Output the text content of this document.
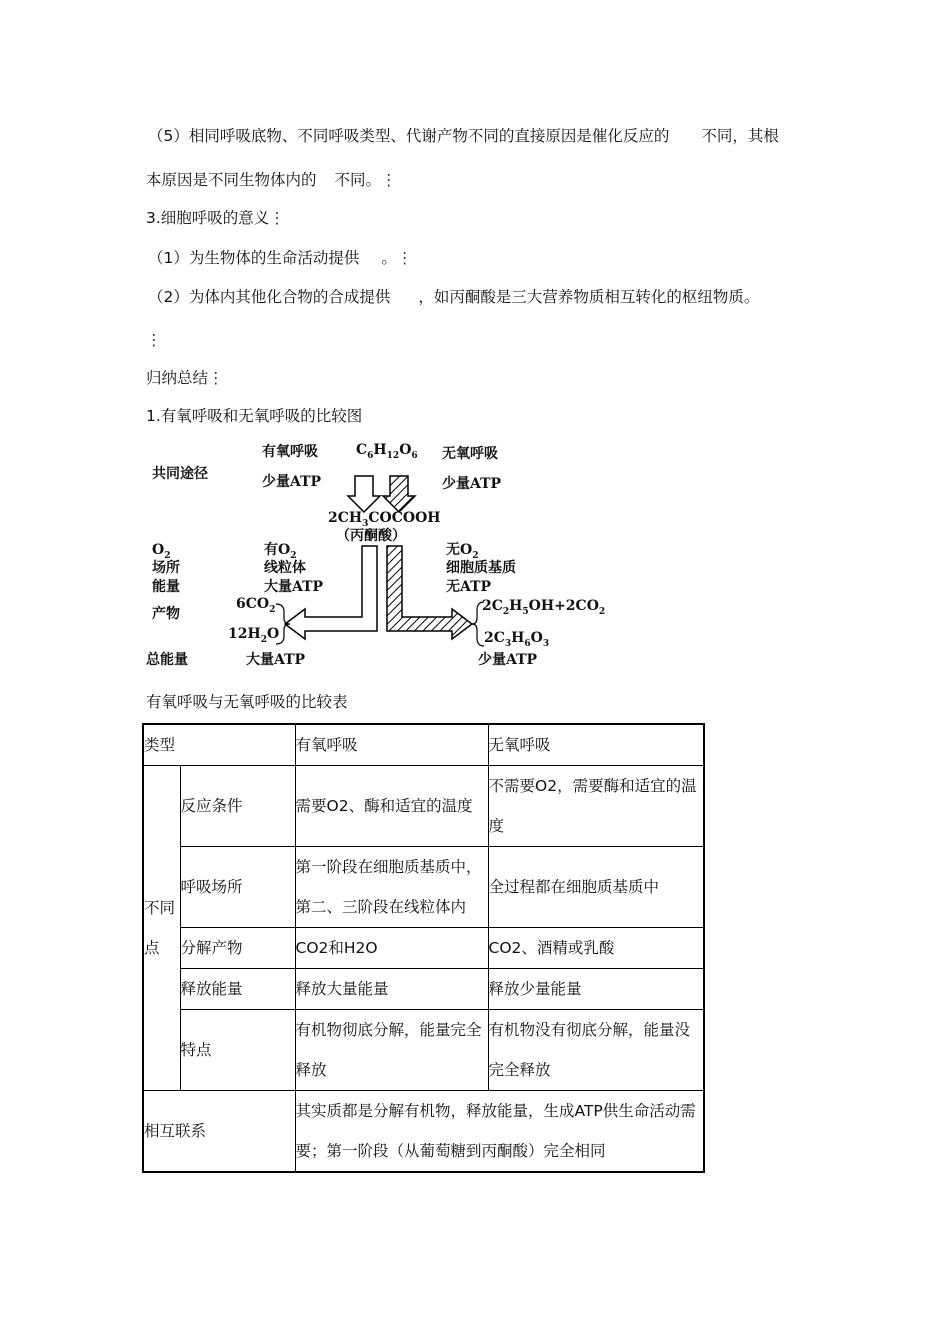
（5）相同呼吸底物、不同呼吸类型、代谢产物不同的直接原因是催化反应的 不同，其根
本原因是不同生物体内的 不同。⋮
3.细胞呼吸的意义⋮
（1）为生物体的生命活动提供 。⋮
（2）为体内其他化合物的合成提供 ，如丙酮酸是三大营养物质相互转化的枢纽物质。
⋮
归纳总结⋮
1.有氧呼吸和无氧呼吸的比较图
有氧呼吸	$C_6H_{12}O_6$ 无氧呼吸
共同途径	少量ATP	少量ATP
$2CH_3COCOOH$
（丙酮酸）
$O_2$
场所
能量
产物
总能量
有$O_2$
线粒体
大量ATP
$6CO_2$
$12H_2O$
大量ATP
无$O_2$
细胞质基质
无ATP
$2C_2H_5OH+2CO_2$
$2C_3H_6O_3$
少量ATP
有氧呼吸与无氧呼吸的比较表
类型		有氧呼吸	无氧呼吸
不同点	反应条件	需要O2、酶和适宜的温度	不需要O2，需要酶和适宜的温度
	呼吸场所	第一阶段在细胞质基质中，第二、三阶段在线粒体内	全过程都在细胞质基质中
	分解产物	CO2和H2O	CO2、酒精或乳酸
	释放能量	释放大量能量	释放少量能量
	特点	有机物彻底分解，能量完全释放	有机物没有彻底分解，能量没完全释放
相互联系		其实质都是分解有机物，释放能量，生成ATP供生命活动需要；第一阶段（从葡萄糖到丙酮酸）完全相同	
